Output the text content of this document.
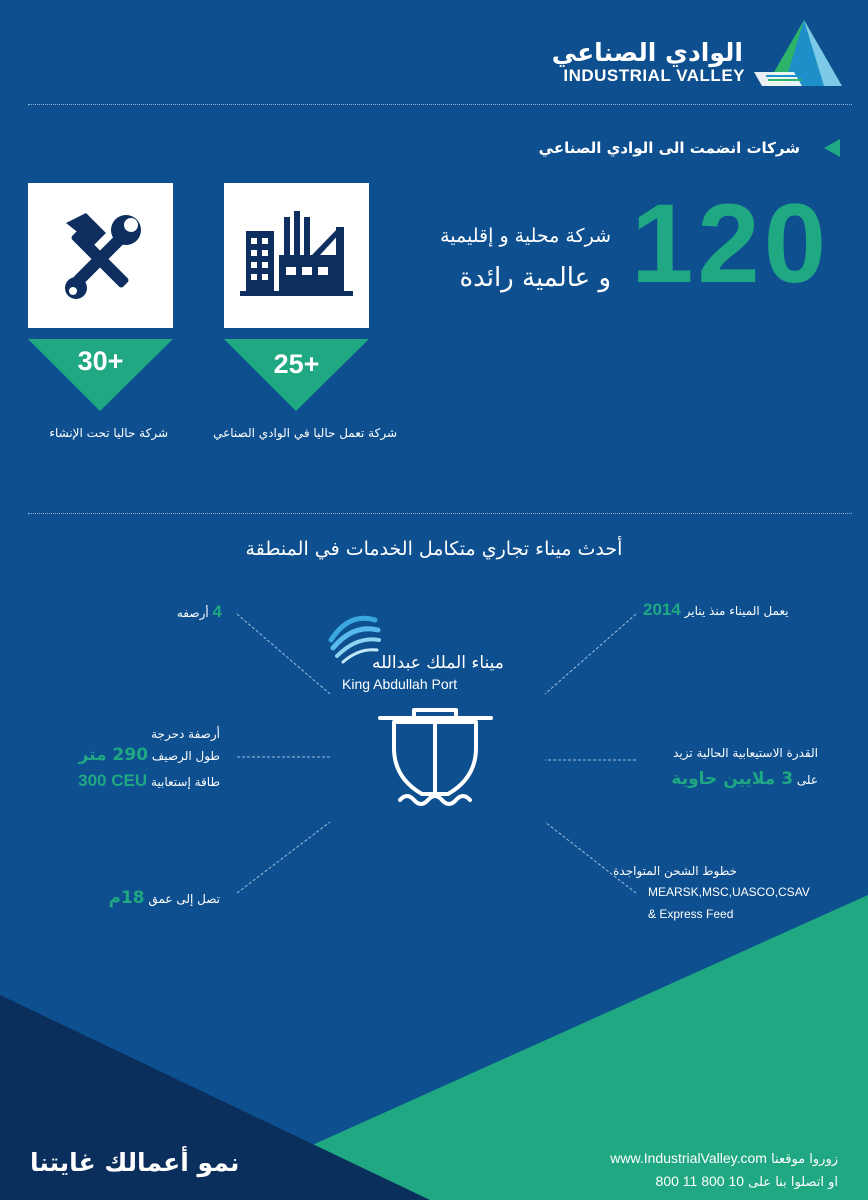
الوادي الصناعي
INDUSTRIAL VALLEY
شركات انضمت الى الوادي الصناعي
120
شركة محلية و إقليمية
و عالمية رائدة
30+	25+
شركة حاليا تحت الإنشاء	شركة تعمل حاليا في الوادي الصناعي
أحدث ميناء تجاري متكامل الخدمات في المنطقة
ميناء الملك عبدالله
King Abdullah Port
4 أرصفه
أرصفة دحرجة
طول الرصيف 290 متر
طاقة إستعابية 300 CEU
تصل إلى عمق 18م
يعمل الميناء منذ يناير 2014
القدرة الاستيعابية الحالية تزيد
على 3 ملايين حاوية
خطوط الشحن المتواجدة
MEARSK,MSC,UASCO,CSAV
& Express Feed
نمو أعمالك غايتنا	زوروا موقعنا www.IndustrialValley.com
او اتصلوا بنا على 800 11 800 10
